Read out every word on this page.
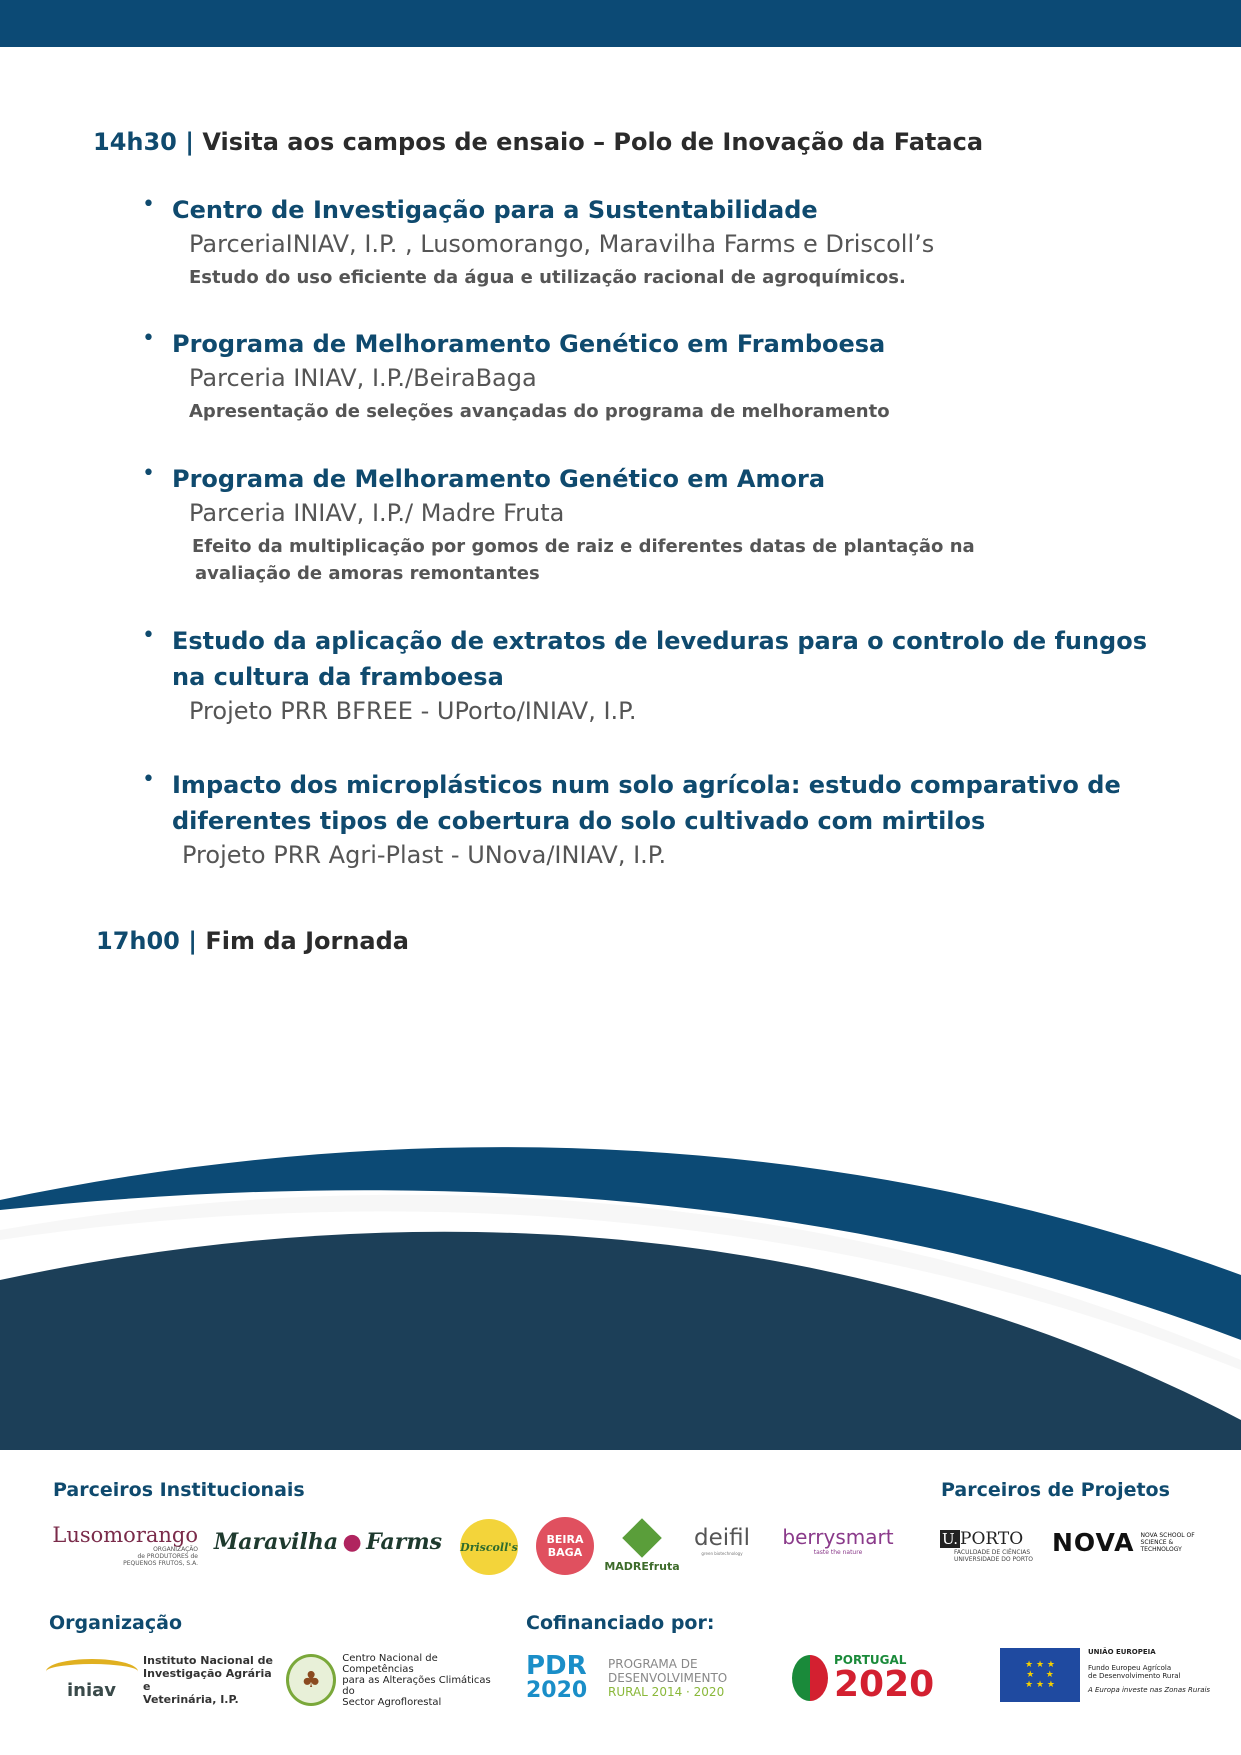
14h30 | Visita aos campos de ensaio – Polo de Inovação da Fataca
• Centro de Investigação para a Sustentabilidade
ParceriaINIAV, I.P. , Lusomorango, Maravilha Farms e Driscoll’s
Estudo do uso eficiente da água e utilização racional de agroquímicos.
• Programa de Melhoramento Genético em Framboesa
Parceria INIAV, I.P./BeiraBaga
Apresentação de seleções avançadas do programa de melhoramento
• Programa de Melhoramento Genético em Amora
Parceria INIAV, I.P./ Madre Fruta
Efeito da multiplicação por gomos de raiz e diferentes datas de plantação na
avaliação de amoras remontantes
• Estudo da aplicação de extratos de leveduras para o controlo de fungos
na cultura da framboesa
Projeto PRR BFREE - UPorto/INIAV, I.P.
• Impacto dos microplásticos num solo agrícola: estudo comparativo de
diferentes tipos de cobertura do solo cultivado com mirtilos
Projeto PRR Agri-Plast - UNova/INIAV, I.P.
17h00 | Fim da Jornada
Parceiros Institucionais	Parceiros de Projetos
Organização	Cofinanciado por:
Lusomorango
ORGANIZAÇÃO
de PRODUTORES de
PEQUENOS FRUTOS, S.A.
Maravilha ● Farms Driscoll's
BEIRA
BAGA
MADREfruta
deifil
green biotechnology
berrysmart
taste the nature
U. PORTO
FACULDADE DE CIÊNCIAS
UNIVERSIDADE DO PORTO
NOVA NOVA SCHOOL OF
SCIENCE & TECHNOLOGY
iniav
Instituto Nacional de
Investigação Agrária e
Veterinária, I.P.
♣
Centro Nacional de Competências
para as Alterações Climáticas do
Sector Agroflorestal
PDR
2020
PROGRAMA DE
DESENVOLVIMENTO
RURAL 2014 · 2020
PORTUGAL
2020	★ ★ ★
★    ★
★ ★ ★
UNIÃO EUROPEIA
Fundo Europeu Agrícola
de Desenvolvimento Rural
A Europa investe nas Zonas Rurais
